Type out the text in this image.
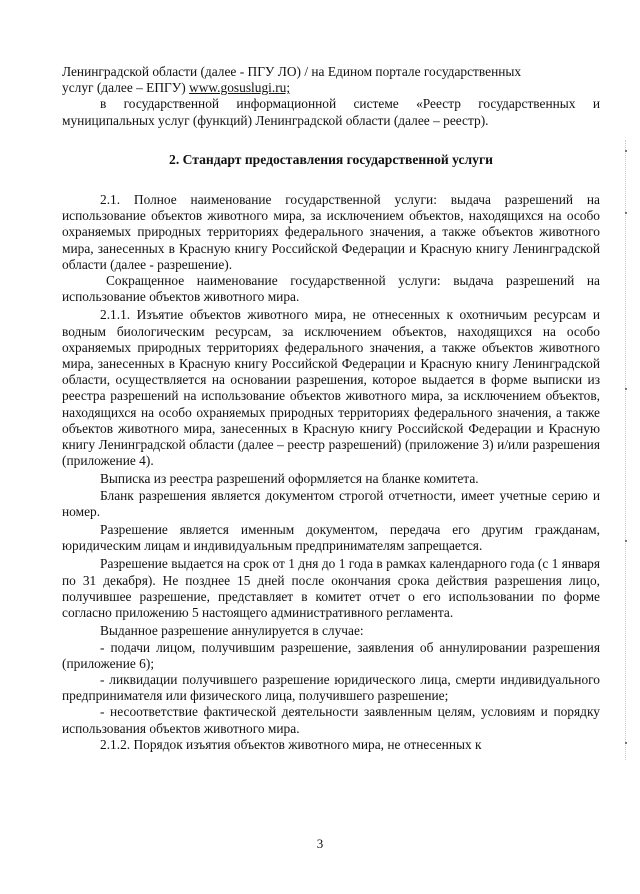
Ленинградской области (далее - ПГУ ЛО) / на Едином портале государственных

услуг (далее – ЕПГУ) www.gosuslugi.ru;

в государственной информационной системе «Реестр государственных и муниципальных услуг (функций) Ленинградской области (далее – реестр).

2. Стандарт предоставления государственной услуги

2.1. Полное наименование государственной услуги: выдача разрешений на использование объектов животного мира, за исключением объектов, находящихся на особо охраняемых природных территориях федерального значения, а также объектов животного мира, занесенных в Красную книгу Российской Федерации и Красную книгу Ленинградской области (далее - разрешение).

Сокращенное наименование государственной услуги: выдача разрешений на использование объектов животного мира.

2.1.1. Изъятие объектов животного мира, не отнесенных к охотничьим ресурсам и водным биологическим ресурсам, за исключением объектов, находящихся на особо охраняемых природных территориях федерального значения, а также объектов животного мира, занесенных в Красную книгу Российской Федерации и Красную книгу Ленинградской области, осуществляется на основании разрешения, которое выдается в форме выписки из реестра разрешений на использование объектов животного мира, за исключением объектов, находящихся на особо охраняемых природных территориях федерального значения, а также объектов животного мира, занесенных в Красную книгу Российской Федерации и Красную книгу Ленинградской области (далее – реестр разрешений) (приложение 3) и/или разрешения (приложение 4).

Выписка из реестра разрешений оформляется на бланке комитета.

Бланк разрешения является документом строгой отчетности, имеет учетные серию и номер.

Разрешение является именным документом, передача его другим гражданам, юридическим лицам и индивидуальным предпринимателям запрещается.

Разрешение выдается на срок от 1 дня до 1 года в рамках календарного года (с 1 января по 31 декабря). Не позднее 15 дней после окончания срока действия разрешения лицо, получившее разрешение, представляет в комитет отчет о его использовании по форме согласно приложению 5 настоящего административного регламента.

Выданное разрешение аннулируется в случае:

- подачи лицом, получившим разрешение, заявления об аннулировании разрешения (приложение 6);

- ликвидации получившего разрешение юридического лица, смерти индивидуального предпринимателя или физического лица, получившего разрешение;

- несоответствие фактической деятельности заявленным целям, условиям и порядку использования объектов животного мира.

2.1.2. Порядок изъятия объектов животного мира, не отнесенных к

3
